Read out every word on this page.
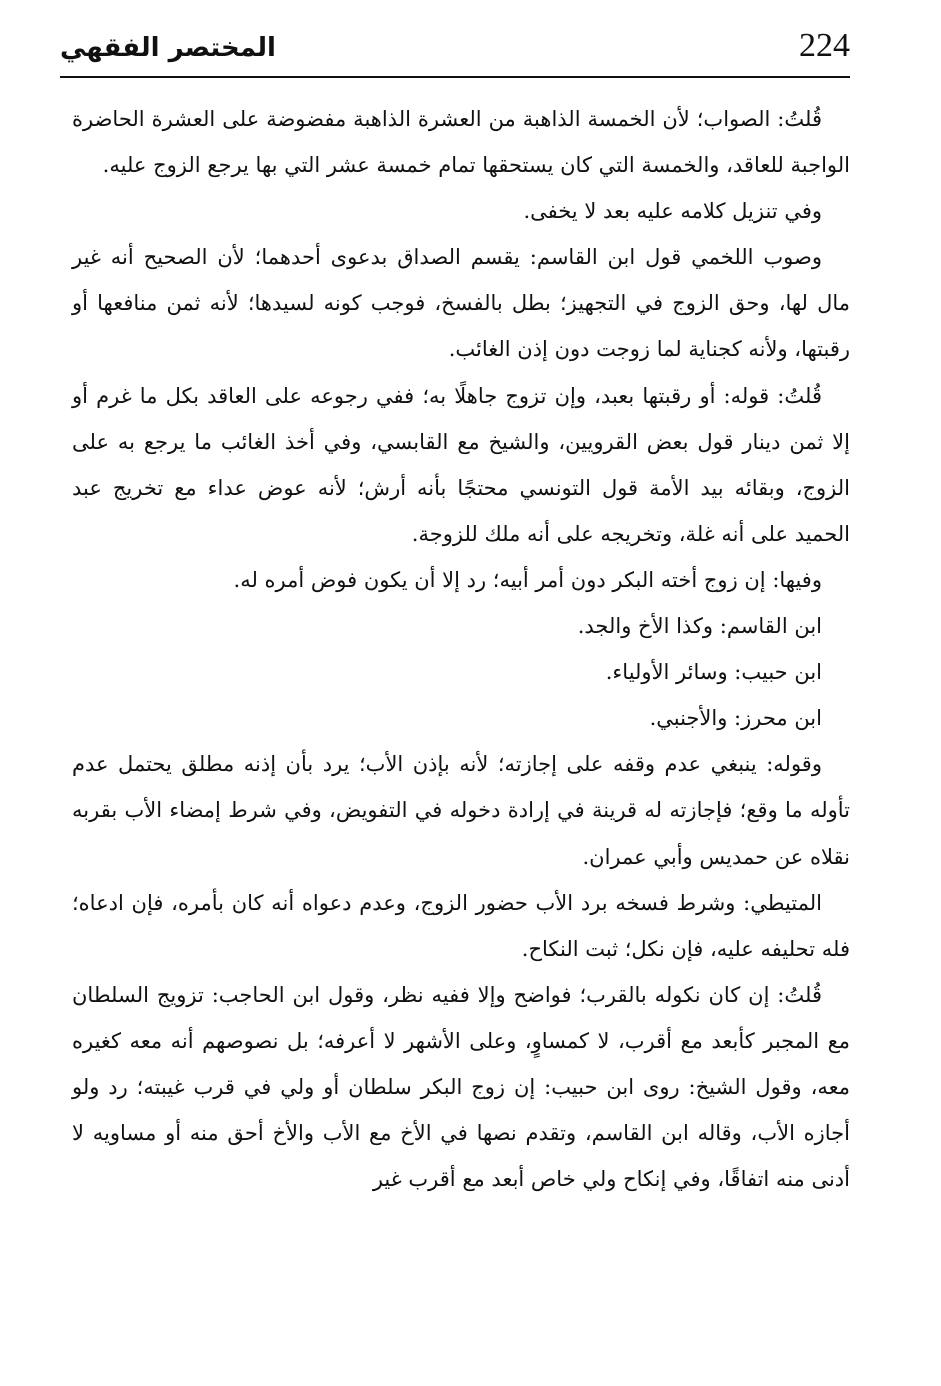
224
المختصر الفقهي

قُلتُ: الصواب؛ لأن الخمسة الذاهبة من العشرة الذاهبة مفضوضة على العشرة الحاضرة الواجبة للعاقد، والخمسة التي كان يستحقها تمام خمسة عشر التي بها يرجع الزوج عليه.

وفي تنزيل كلامه عليه بعد لا يخفى.

وصوب اللخمي قول ابن القاسم: يقسم الصداق بدعوى أحدهما؛ لأن الصحيح أنه غير مال لها، وحق الزوج في التجهيز؛ بطل بالفسخ، فوجب كونه لسيدها؛ لأنه ثمن منافعها أو رقبتها، ولأنه كجناية لما زوجت دون إذن الغائب.

قُلتُ: قوله: أو رقبتها بعبد، وإن تزوج جاهلًا به؛ ففي رجوعه على العاقد بكل ما غرم أو إلا ثمن دينار قول بعض القرويين، والشيخ مع القابسي، وفي أخذ الغائب ما يرجع به على الزوج، وبقائه بيد الأمة قول التونسي محتجًا بأنه أرش؛ لأنه عوض عداء مع تخريج عبد الحميد على أنه غلة، وتخريجه على أنه ملك للزوجة.

وفيها: إن زوج أخته البكر دون أمر أبيه؛ رد إلا أن يكون فوض أمره له.

ابن القاسم: وكذا الأخ والجد.

ابن حبيب: وسائر الأولياء.

ابن محرز: والأجنبي.

وقوله: ينبغي عدم وقفه على إجازته؛ لأنه بإذن الأب؛ يرد بأن إذنه مطلق يحتمل عدم تأوله ما وقع؛ فإجازته له قرينة في إرادة دخوله في التفويض، وفي شرط إمضاء الأب بقربه نقلاه عن حمديس وأبي عمران.

المتيطي: وشرط فسخه برد الأب حضور الزوج، وعدم دعواه أنه كان بأمره، فإن ادعاه؛ فله تحليفه عليه، فإن نكل؛ ثبت النكاح.

قُلتُ: إن كان نكوله بالقرب؛ فواضح وإلا ففيه نظر، وقول ابن الحاجب: تزويج السلطان مع المجبر كأبعد مع أقرب، لا كمساوٍ، وعلى الأشهر لا أعرفه؛ بل نصوصهم أنه معه كغيره معه، وقول الشيخ: روى ابن حبيب: إن زوج البكر سلطان أو ولي في قرب غيبته؛ رد ولو أجازه الأب، وقاله ابن القاسم، وتقدم نصها في الأخ مع الأب والأخ أحق منه أو مساويه لا أدنى منه اتفاقًا، وفي إنكاح ولي خاص أبعد مع أقرب غير
